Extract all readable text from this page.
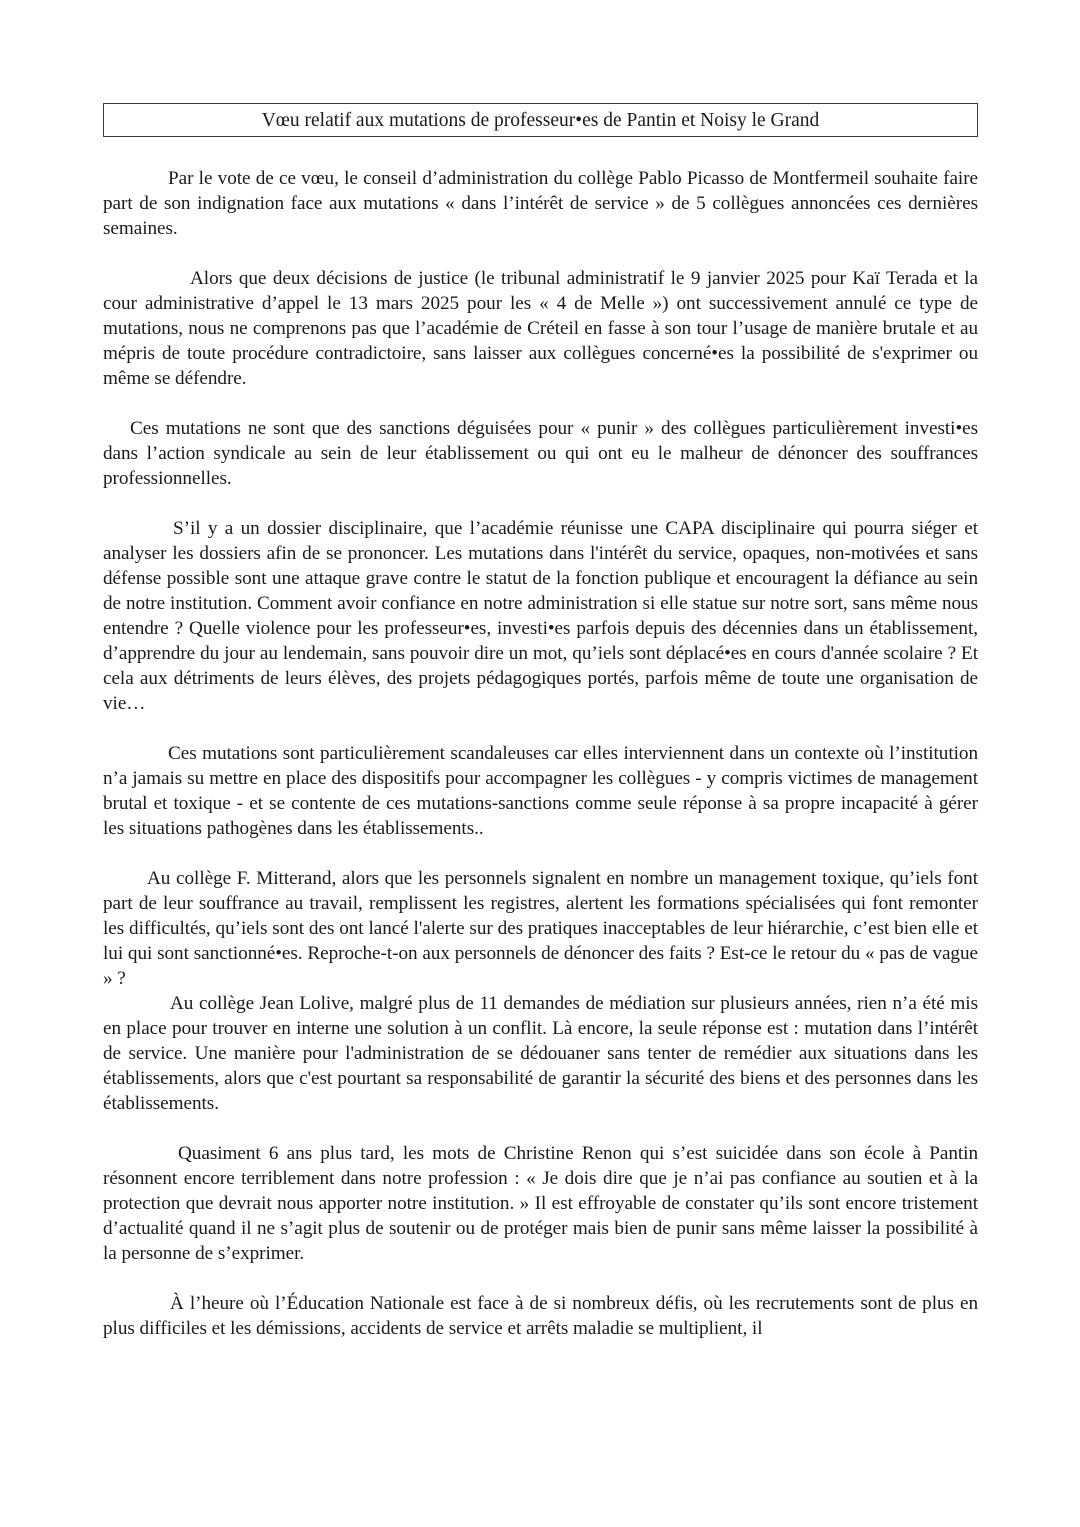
Vœu relatif aux mutations de professeur•es de Pantin et Noisy le Grand

Par le vote de ce vœu, le conseil d’administration du collège Pablo Picasso de Montfermeil souhaite faire part de son indignation face aux mutations « dans l’intérêt de service » de 5 collègues annoncées ces dernières semaines.

Alors que deux décisions de justice (le tribunal administratif le 9 janvier 2025 pour Kaï Terada et la cour administrative d’appel le 13 mars 2025 pour les « 4 de Melle ») ont successivement annulé ce type de mutations, nous ne comprenons pas que l’académie de Créteil en fasse à son tour l’usage de manière brutale et au mépris de toute procédure contradictoire, sans laisser aux collègues concerné•es la possibilité de s'exprimer ou même se défendre.

Ces mutations ne sont que des sanctions déguisées pour « punir » des collègues particulièrement investi•es dans l’action syndicale au sein de leur établissement ou qui ont eu le malheur de dénoncer des souffrances professionnelles.

S’il y a un dossier disciplinaire, que l’académie réunisse une CAPA disciplinaire qui pourra siéger et analyser les dossiers afin de se prononcer. Les mutations dans l'intérêt du service, opaques, non-motivées et sans défense possible sont une attaque grave contre le statut de la fonction publique et encouragent la défiance au sein de notre institution. Comment avoir confiance en notre administration si elle statue sur notre sort, sans même nous entendre ? Quelle violence pour les professeur•es, investi•es parfois depuis des décennies dans un établissement, d’apprendre du jour au lendemain, sans pouvoir dire un mot, qu’iels sont déplacé•es en cours d'année scolaire ? Et cela aux détriments de leurs élèves, des projets pédagogiques portés, parfois même de toute une organisation de vie…

Ces mutations sont particulièrement scandaleuses car elles interviennent dans un contexte où l’institution n’a jamais su mettre en place des dispositifs pour accompagner les collègues - y compris victimes de management brutal et toxique - et se contente de ces mutations-sanctions comme seule réponse à sa propre incapacité à gérer les situations pathogènes dans les établissements..

Au collège F. Mitterand, alors que les personnels signalent en nombre un management toxique, qu’iels font part de leur souffrance au travail, remplissent les registres, alertent les formations spécialisées qui font remonter les difficultés, qu’iels sont des ont lancé l'alerte sur des pratiques inacceptables de leur hiérarchie, c’est bien elle et lui qui sont sanctionné•es. Reproche-t-on aux personnels de dénoncer des faits ? Est-ce le retour du « pas de vague » ?

Au collège Jean Lolive, malgré plus de 11 demandes de médiation sur plusieurs années, rien n’a été mis en place pour trouver en interne une solution à un conflit. Là encore, la seule réponse est : mutation dans l’intérêt de service. Une manière pour l'administration de se dédouaner sans tenter de remédier aux situations dans les établissements, alors que c'est pourtant sa responsabilité de garantir la sécurité des biens et des personnes dans les établissements.

Quasiment 6 ans plus tard, les mots de Christine Renon qui s’est suicidée dans son école à Pantin résonnent encore terriblement dans notre profession : « Je dois dire que je n’ai pas confiance au soutien et à la protection que devrait nous apporter notre institution. » Il est effroyable de constater qu’ils sont encore tristement d’actualité quand il ne s’agit plus de soutenir ou de protéger mais bien de punir sans même laisser la possibilité à la personne de s’exprimer.

À l’heure où l’Éducation Nationale est face à de si nombreux défis, où les recrutements sont de plus en plus difficiles et les démissions, accidents de service et arrêts maladie se multiplient, il
